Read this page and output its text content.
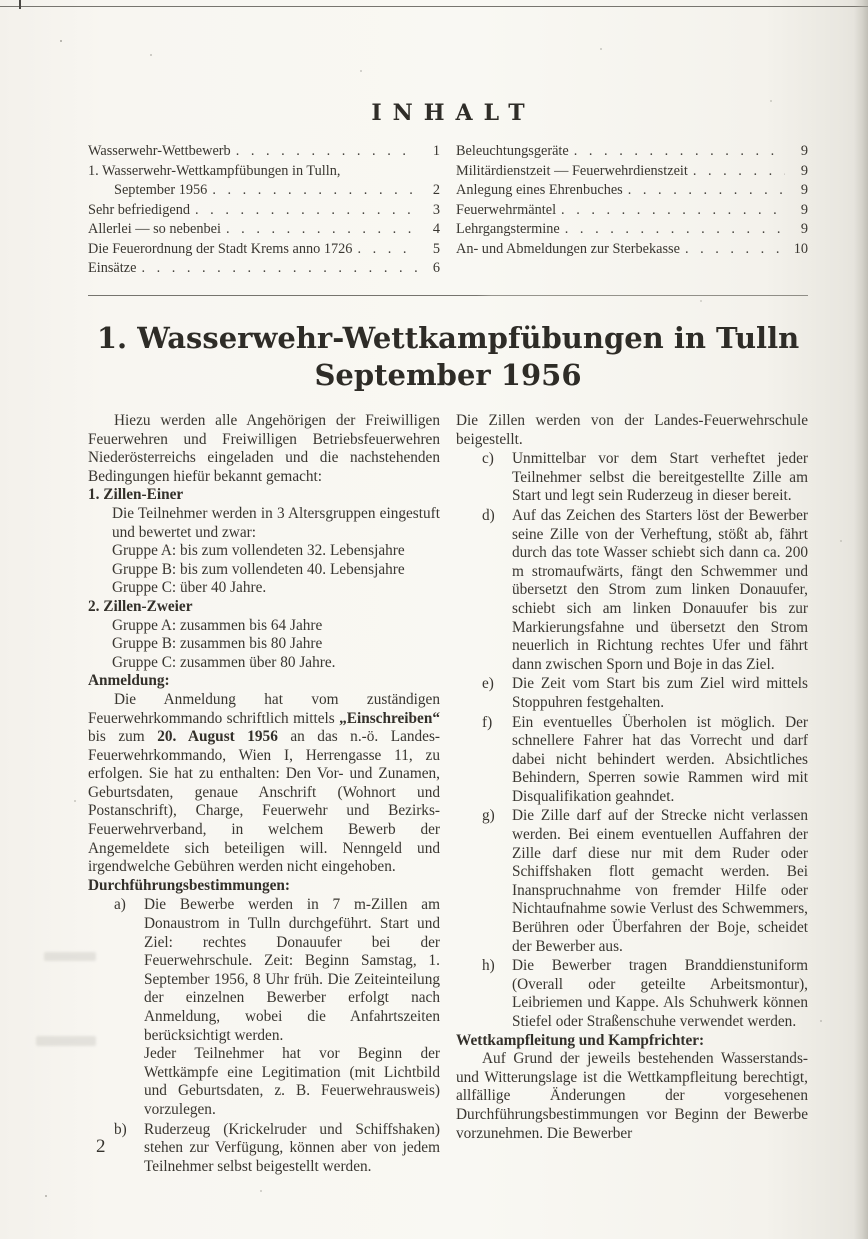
INHALT
Wasserwehr-Wettbewerb . . .	1
1. Wasserwehr-Wettkampfübungen in Tulln,
September 1956 . . .	2
Sehr befriedigend . . .	3
Allerlei — so nebenbei . . .	4
Die Feuerordnung der Stadt Krems anno 1726 . . .	5
Einsätze . . .	6
Beleuchtungsgeräte . . .	9
Militärdienstzeit — Feuerwehrdienstzeit . . .	9
Anlegung eines Ehrenbuches . . .	9
Feuerwehrmäntel . . .	9
Lehrgangstermine . . .	9
An- und Abmeldungen zur Sterbekasse . . .	10
1. Wasserwehr-Wettkampfübungen in Tulln
September 1956

Hiezu werden alle Angehörigen der Freiwilligen Feuerwehren und Freiwilligen Betriebsfeuerwehren Niederösterreichs eingeladen und die nachstehenden Bedingungen hiefür bekannt gemacht:

1. Zillen-Einer

Die Teilnehmer werden in 3 Altersgruppen eingestuft und bewertet und zwar:

Gruppe A: bis zum vollendeten 32. Lebensjahre
Gruppe B: bis zum vollendeten 40. Lebensjahre
Gruppe C: über 40 Jahre.

2. Zillen-Zweier

Gruppe A: zusammen bis 64 Jahre
Gruppe B: zusammen bis 80 Jahre
Gruppe C: zusammen über 80 Jahre.

Anmeldung:

Die Anmeldung hat vom zuständigen Feuerwehrkommando schriftlich mittels „Einschreiben“ bis zum 20. August 1956 an das n.-ö. Landes-Feuerwehrkommando, Wien I, Herrengasse 11, zu erfolgen. Sie hat zu enthalten: Den Vor- und Zunamen, Geburtsdaten, genaue Anschrift (Wohnort und Postanschrift), Charge, Feuerwehr und Bezirks-Feuerwehrverband, in welchem Bewerb der Angemeldete sich beteiligen will. Nenngeld und irgendwelche Gebühren werden nicht eingehoben.

Durchführungsbestimmungen:

a)	Die Bewerbe werden in 7 m-Zillen am Donaustrom in Tulln durchgeführt. Start und Ziel: rechtes Donauufer bei der Feuerwehrschule. Zeit: Beginn Samstag, 1. September 1956, 8 Uhr früh. Die Zeiteinteilung der einzelnen Bewerber erfolgt nach Anmeldung, wobei die Anfahrtszeiten berücksichtigt werden.

Jeder Teilnehmer hat vor Beginn der Wettkämpfe eine Legitimation (mit Lichtbild und Geburtsdaten, z. B. Feuerwehrausweis) vorzulegen.

b)	Ruderzeug (Krickelruder und Schiffshaken) stehen zur Verfügung, können aber von jedem Teilnehmer selbst beigestellt werden.

Die Zillen werden von der Landes-Feuerwehrschule beigestellt.

c)	Unmittelbar vor dem Start verheftet jeder Teilnehmer selbst die bereitgestellte Zille am Start und legt sein Ruderzeug in dieser bereit.

d)	Auf das Zeichen des Starters löst der Bewerber seine Zille von der Verheftung, stößt ab, fährt durch das tote Wasser schiebt sich dann ca. 200 m stromaufwärts, fängt den Schwemmer und übersetzt den Strom zum linken Donauufer, schiebt sich am linken Donauufer bis zur Markierungsfahne und übersetzt den Strom neuerlich in Richtung rechtes Ufer und fährt dann zwischen Sporn und Boje in das Ziel.

e)	Die Zeit vom Start bis zum Ziel wird mittels Stoppuhren festgehalten.

f)	Ein eventuelles Überholen ist möglich. Der schnellere Fahrer hat das Vorrecht und darf dabei nicht behindert werden. Absichtliches Behindern, Sperren sowie Rammen wird mit Disqualifikation geahndet.

g)	Die Zille darf auf der Strecke nicht verlassen werden. Bei einem eventuellen Auffahren der Zille darf diese nur mit dem Ruder oder Schiffshaken flott gemacht werden. Bei Inanspruchnahme von fremder Hilfe oder Nichtaufnahme sowie Verlust des Schwemmers, Berühren oder Überfahren der Boje, scheidet der Bewerber aus.

h)	Die Bewerber tragen Branddienstuniform (Overall oder geteilte Arbeitsmontur), Leibriemen und Kappe. Als Schuhwerk können Stiefel oder Straßenschuhe verwendet werden.

Wettkampfleitung und Kampfrichter:

Auf Grund der jeweils bestehenden Wasserstands- und Witterungslage ist die Wettkampfleitung berechtigt, allfällige Änderungen der vorgesehenen Durchführungsbestimmungen vor Beginn der Bewerbe vorzunehmen. Die Bewerber

2
